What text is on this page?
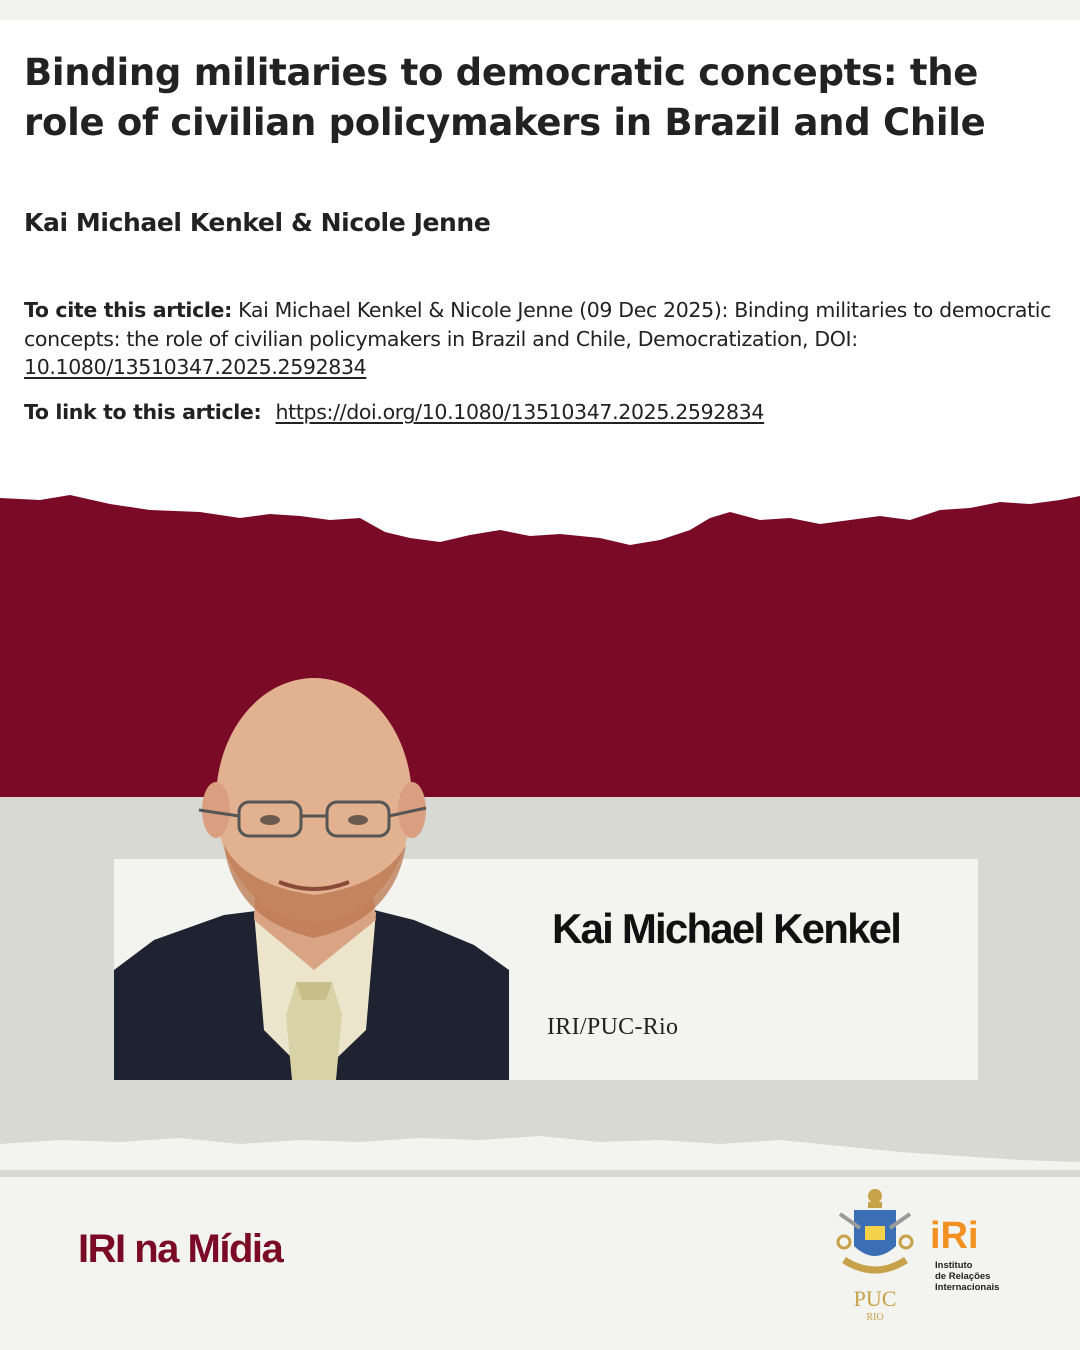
Binding militaries to democratic concepts: the role of civilian policymakers in Brazil and Chile
Kai Michael Kenkel & Nicole Jenne
To cite this article: Kai Michael Kenkel & Nicole Jenne (09 Dec 2025): Binding militaries to democratic concepts: the role of civilian policymakers in Brazil and Chile, Democratization, DOI:
10.1080/13510347.2025.2592834
To link to this article: https://doi.org/10.1080/13510347.2025.2592834
Kai Michael Kenkel
IRI/PUC-Rio
IRI na Mídia
PUC
RIO
iRi
Instituto
de Relações
Internacionais
